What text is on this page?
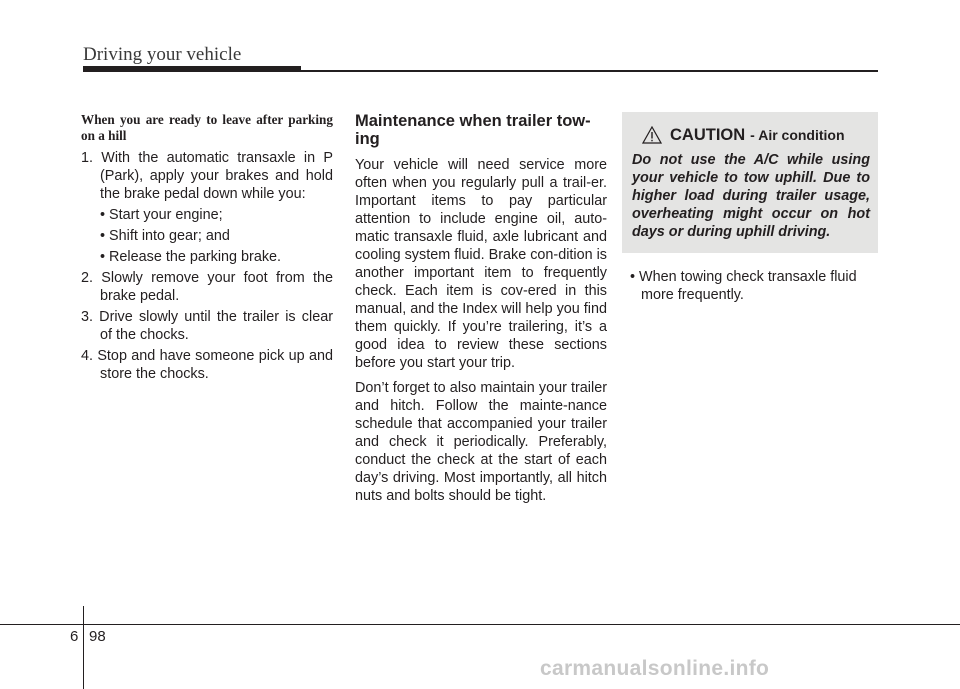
Driving your vehicle
When you are ready to leave after parking on a hill
1. With the automatic transaxle in P (Park), apply your brakes and hold the brake pedal down while you:
• Start your engine;
• Shift into gear; and
• Release the parking brake.
2. Slowly remove your foot from the brake pedal.
3. Drive slowly until the trailer is clear of the chocks.
4. Stop and have someone pick up and store the chocks.
Maintenance when trailer tow-ing

Your vehicle will need service more often when you regularly pull a trail-er. Important items to pay particular attention to include engine oil, auto-matic transaxle fluid, axle lubricant and cooling system fluid. Brake con-dition is another important item to frequently check. Each item is cov-ered in this manual, and the Index will help you find them quickly. If you’re trailering, it’s a good idea to review these sections before you start your trip.

Don’t forget to also maintain your trailer and hitch. Follow the mainte-nance schedule that accompanied your trailer and check it periodically. Preferably, conduct the check at the start of each day’s driving. Most importantly, all hitch nuts and bolts should be tight.

CAUTION - Air condition
Do not use the A/C while using your vehicle to tow uphill. Due to higher load during trailer usage, overheating might occur on hot days or during uphill driving.
• When towing check transaxle fluid more frequently.
6 98
carmanualsonline.info
